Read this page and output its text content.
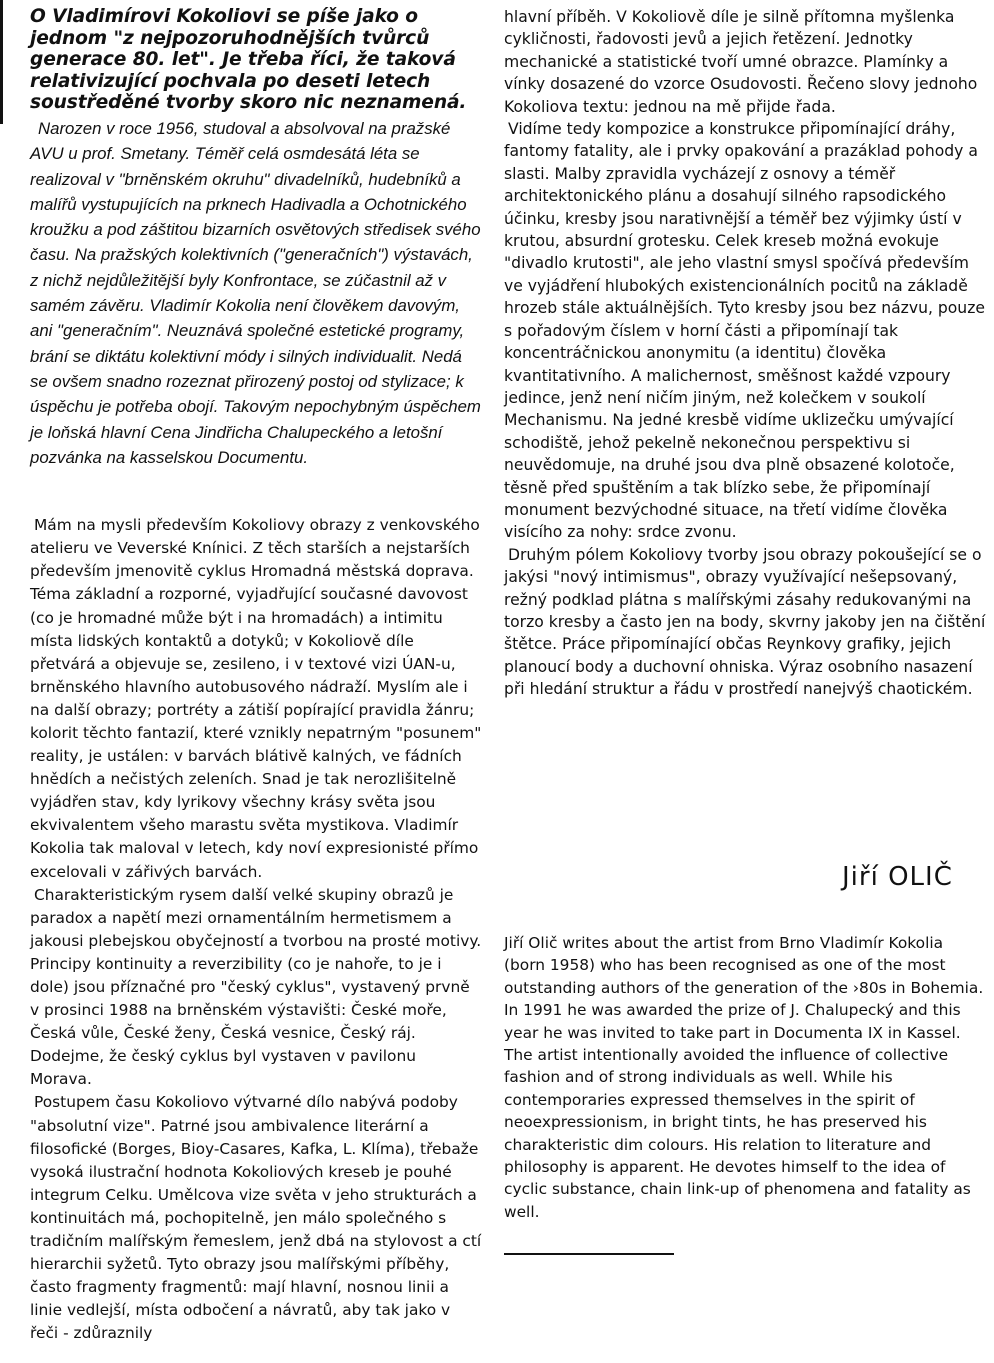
O Vladimírovi Kokoliovi se píše jako o jednom "z nejpozoruhodnějších tvůrců generace 80. let". Je třeba říci, že taková relativizující pochvala po deseti letech soustředěné tvorby skoro nic neznamená.

Narozen v roce 1956, studoval a absolvoval na pražské AVU u prof. Smetany. Téměř celá osmdesátá léta se realizoval v "brněnském okruhu" divadelníků, hudebníků a malířů vystupujících na prknech Hadivadla a Ochotnického kroužku a pod záštitou bizarních osvětových středisek svého času. Na pražských kolektivních ("generačních") výstavách, z nichž nejdůležitější byly Konfrontace, se zúčastnil až v samém závěru. Vladimír Kokolia není člověkem davovým, ani "generačním". Neuznává společné estetické programy, brání se diktátu kolektivní módy i silných individualit. Nedá se ovšem snadno rozeznat přirozený postoj od stylizace; k úspěchu je potřeba obojí. Takovým nepochybným úspěchem je loňská hlavní Cena Jindřicha Chalupeckého a letošní pozvánka na kasselskou Documentu.

Mám na mysli především Kokoliovy obrazy z venkovského atelieru ve Veverské Knínici. Z těch starších a nejstarších především jmenovitě cyklus Hromadná městská doprava. Téma základní a rozporné, vyjadřující současné davovost (co je hromadné může být i na hromadách) a intimitu místa lidských kontaktů a dotyků; v Kokoliově díle přetvárá a objevuje se, zesileno, i v textové vizi ÚAN-u, brněnského hlavního autobusového nádraží. Myslím ale i na další obrazy; portréty a zátiší popírající pravidla žánru; kolorit těchto fantazií, které vznikly nepatrným "posunem" reality, je ustálen: v barvách blátivě kalných, ve fádních hnědích a nečistých zeleních. Snad je tak nerozlišitelně vyjádřen stav, kdy lyrikovy všechny krásy světa jsou ekvivalentem všeho marastu světa mystikova. Vladimír Kokolia tak maloval v letech, kdy noví expresionisté přímo excelovali v zářivých barvách.

Charakteristickým rysem další velké skupiny obrazů je paradox a napětí mezi ornamentálním hermetismem a jakousi plebejskou obyčejností a tvorbou na prosté motivy. Principy kontinuity a reverzibility (co je nahoře, to je i dole) jsou příznačné pro "český cyklus", vystavený prvně v prosinci 1988 na brněnském výstavišti: České moře, Česká vůle, České ženy, Česká vesnice, Český ráj. Dodejme, že český cyklus byl vystaven v pavilonu Morava.

Postupem času Kokoliovo výtvarné dílo nabývá podoby "absolutní vize". Patrné jsou ambivalence literární a filosofické (Borges, Bioy-Casares, Kafka, L. Klíma), třebaže vysoká ilustrační hodnota Kokoliových kreseb je pouhé integrum Celku. Umělcova vize světa v jeho strukturách a kontinuitách má, pochopitelně, jen málo společného s tradičním malířským řemeslem, jenž dbá na stylovost a ctí hierarchii syžetů. Tyto obrazy jsou malířskými příběhy, často fragmenty fragmentů: mají hlavní, nosnou linii a linie vedlejší, místa odbočení a návratů, aby tak jako v řeči - zdůraznily

hlavní příběh. V Kokoliově díle je silně přítomna myšlenka cykličnosti, řadovosti jevů a jejich řetězení. Jednotky mechanické a statistické tvoří umné obrazce. Plamínky a vínky dosazené do vzorce Osudovosti. Řečeno slovy jednoho Kokoliova textu: jednou na mě přijde řada.

Vidíme tedy kompozice a konstrukce připomínající dráhy, fantomy fatality, ale i prvky opakování a prazáklad pohody a slasti. Malby zpravidla vycházejí z osnovy a téměř architektonického plánu a dosahují silného rapsodického účinku, kresby jsou narativnější a téměř bez výjimky ústí v krutou, absurdní grotesku. Celek kreseb možná evokuje "divadlo krutosti", ale jeho vlastní smysl spočívá především ve vyjádření hlubokých existencionálních pocitů na základě hrozeb stále aktuálnějších. Tyto kresby jsou bez názvu, pouze s pořadovým číslem v horní části a připomínají tak koncentráčnickou anonymitu (a identitu) člověka kvantitativního. A malichernost, směšnost každé vzpoury jedince, jenž není ničím jiným, než kolečkem v soukolí Mechanismu. Na jedné kresbě vidíme uklizečku umývající schodiště, jehož pekelně nekonečnou perspektivu si neuvědomuje, na druhé jsou dva plně obsazené kolotoče, těsně před spuštěním a tak blízko sebe, že připomínají monument bezvýchodné situace, na třetí vidíme člověka visícího za nohy: srdce zvonu.

Druhým pólem Kokoliovy tvorby jsou obrazy pokoušející se o jakýsi "nový intimismus", obrazy využívající nešepsovaný, režný podklad plátna s malířskými zásahy redukovanými na torzo kresby a často jen na body, skvrny jakoby jen na čištění štětce. Práce připomínající občas Reynkovy grafiky, jejich planoucí body a duchovní ohniska. Výraz osobního nasazení při hledání struktur a řádu v prostředí nanejvýš chaotickém.

Jiří OLIČ

Jiří Olič writes about the artist from Brno Vladimír Kokolia (born 1958) who has been recognised as one of the most outstanding authors of the generation of the ›80s in Bohemia. In 1991 he was awarded the prize of J. Chalupecký and this year he was invited to take part in Documenta IX in Kassel. The artist intentionally avoided the influence of collective fashion and of strong individuals as well. While his contemporaries expressed themselves in the spirit of neoexpressionism, in bright tints, he has preserved his charakteristic dim colours. His relation to literature and philosophy is apparent. He devotes himself to the idea of cyclic substance, chain link-up of phenomena and fatality as well.
